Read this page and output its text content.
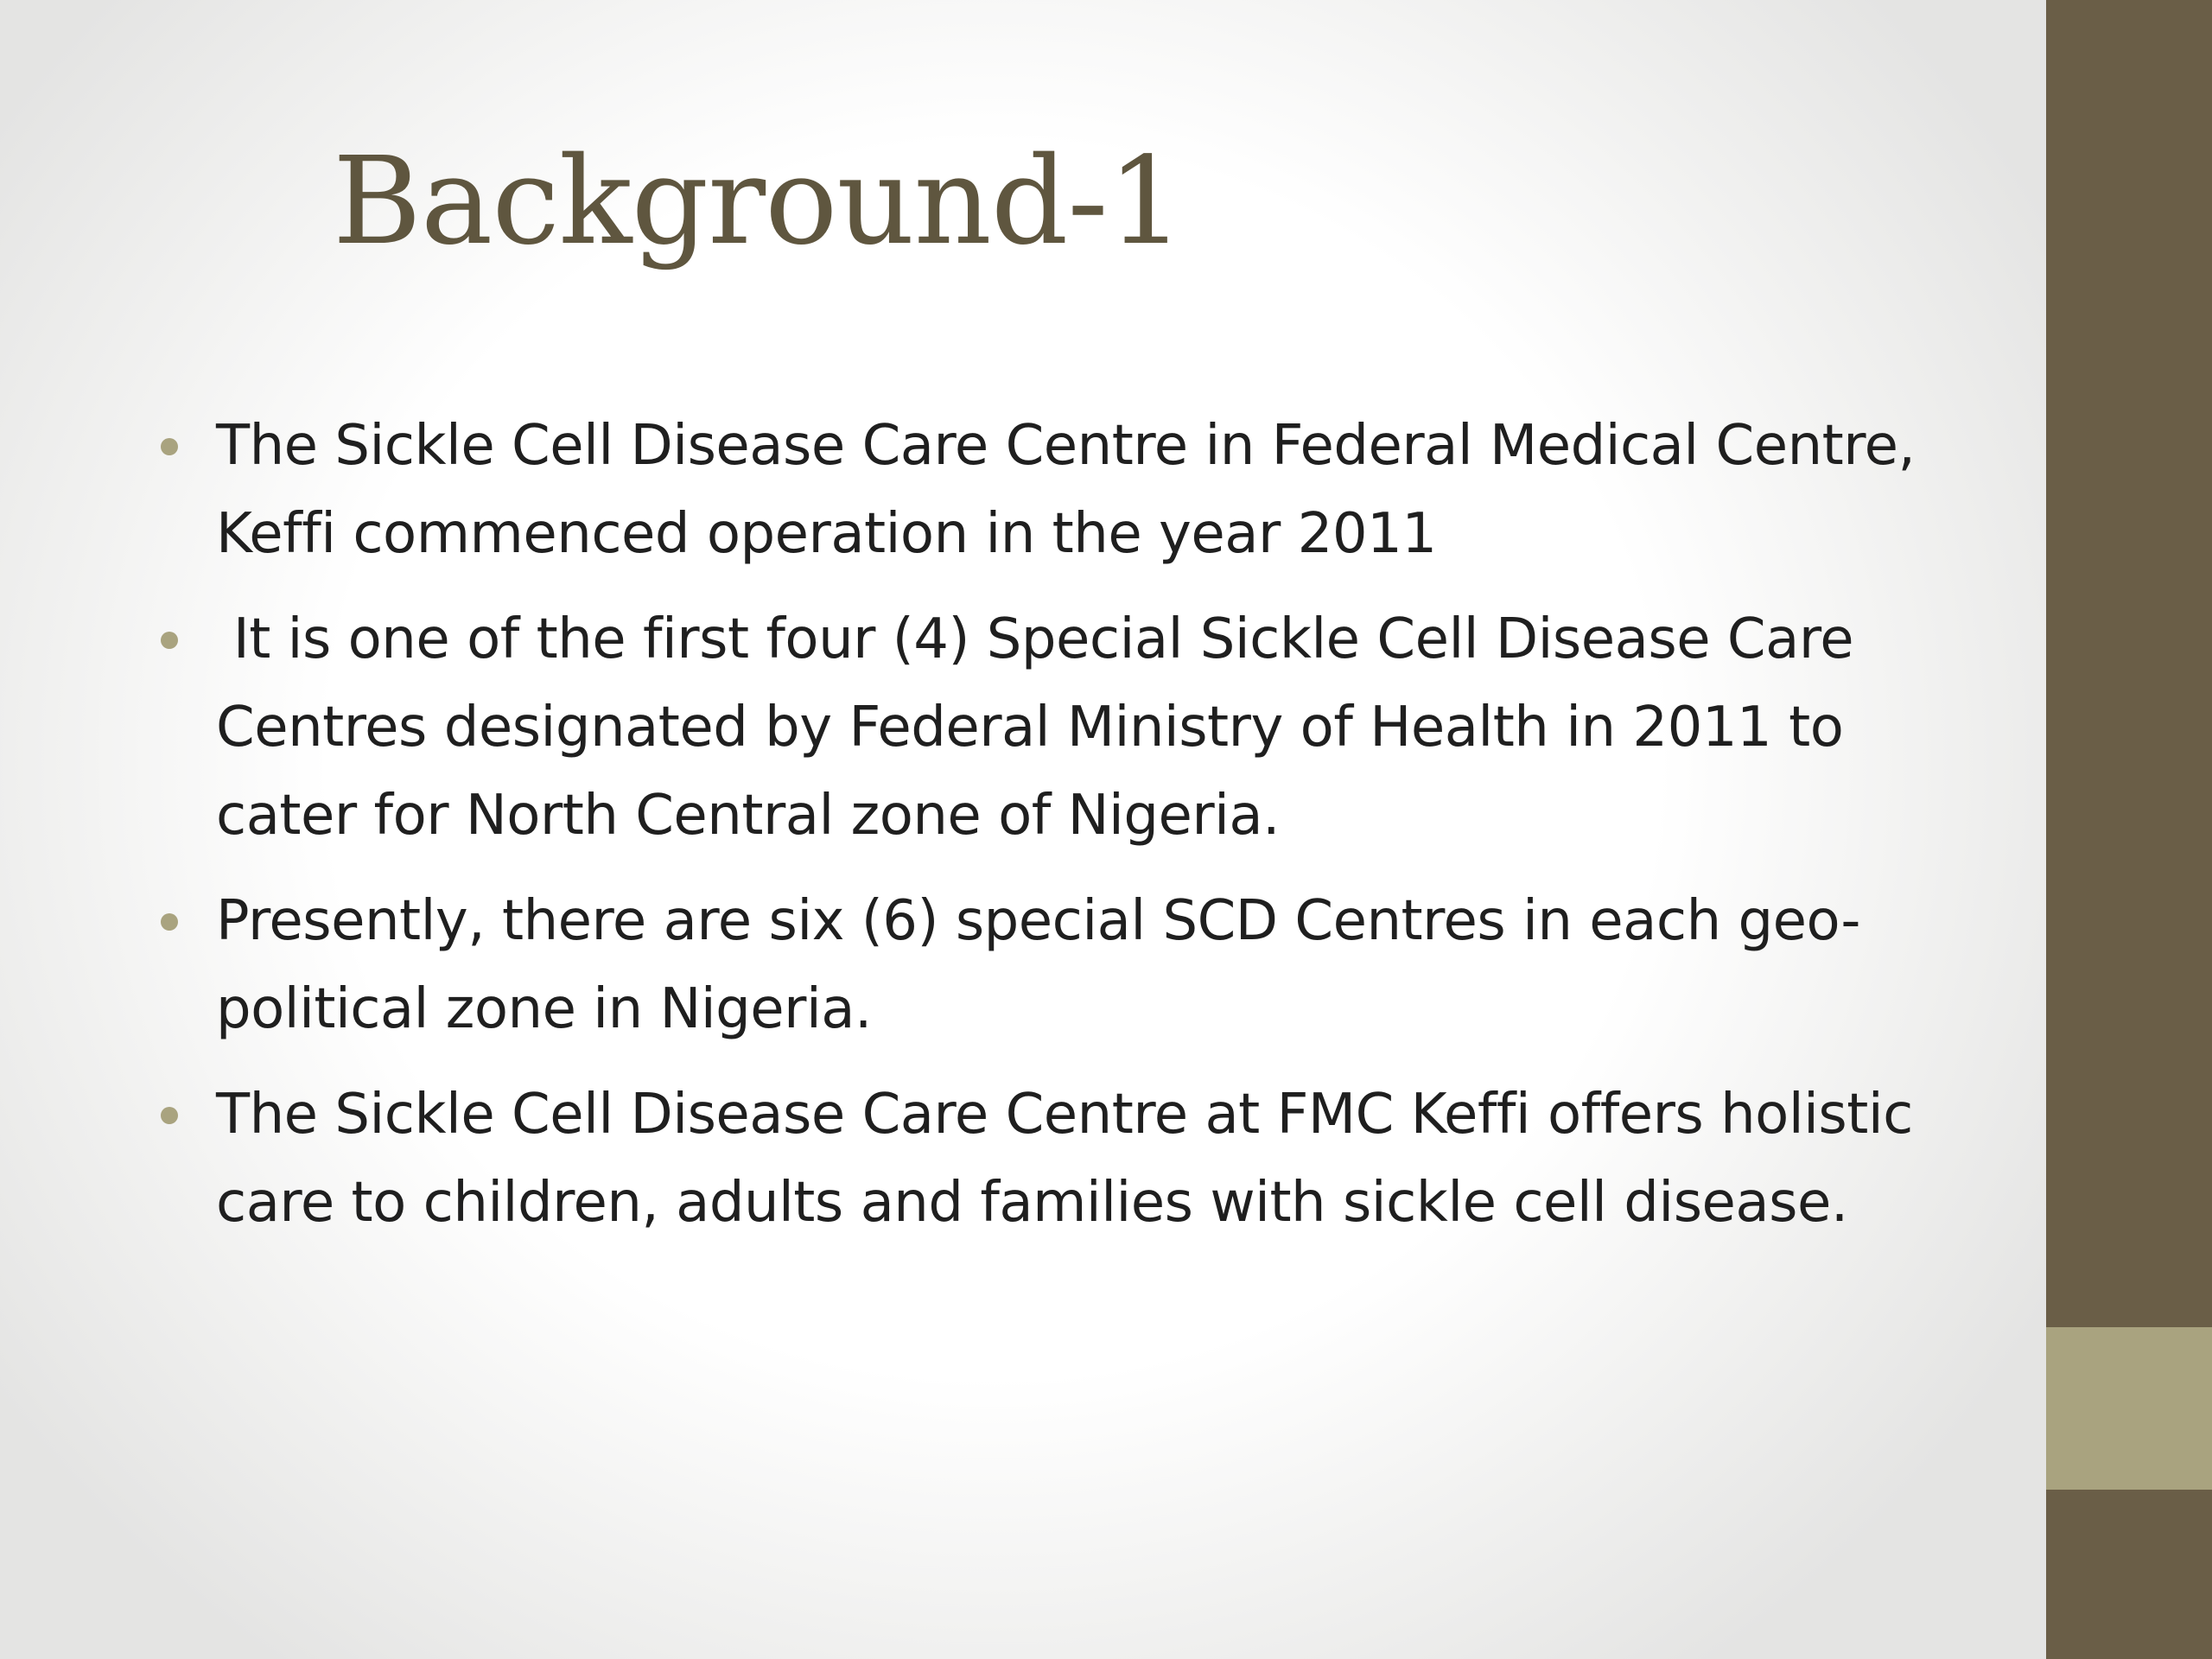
Background-1
The Sickle Cell Disease Care Centre in Federal Medical Centre, Keffi commenced operation in the year 2011
It is one of the first four (4) Special Sickle Cell Disease Care Centres designated by Federal Ministry of Health in 2011 to cater for North Central zone of Nigeria.
Presently, there are six (6) special SCD Centres in each geo-political zone in Nigeria.
The Sickle Cell Disease Care Centre at FMC Keffi offers holistic care to children, adults and families with sickle cell disease.
